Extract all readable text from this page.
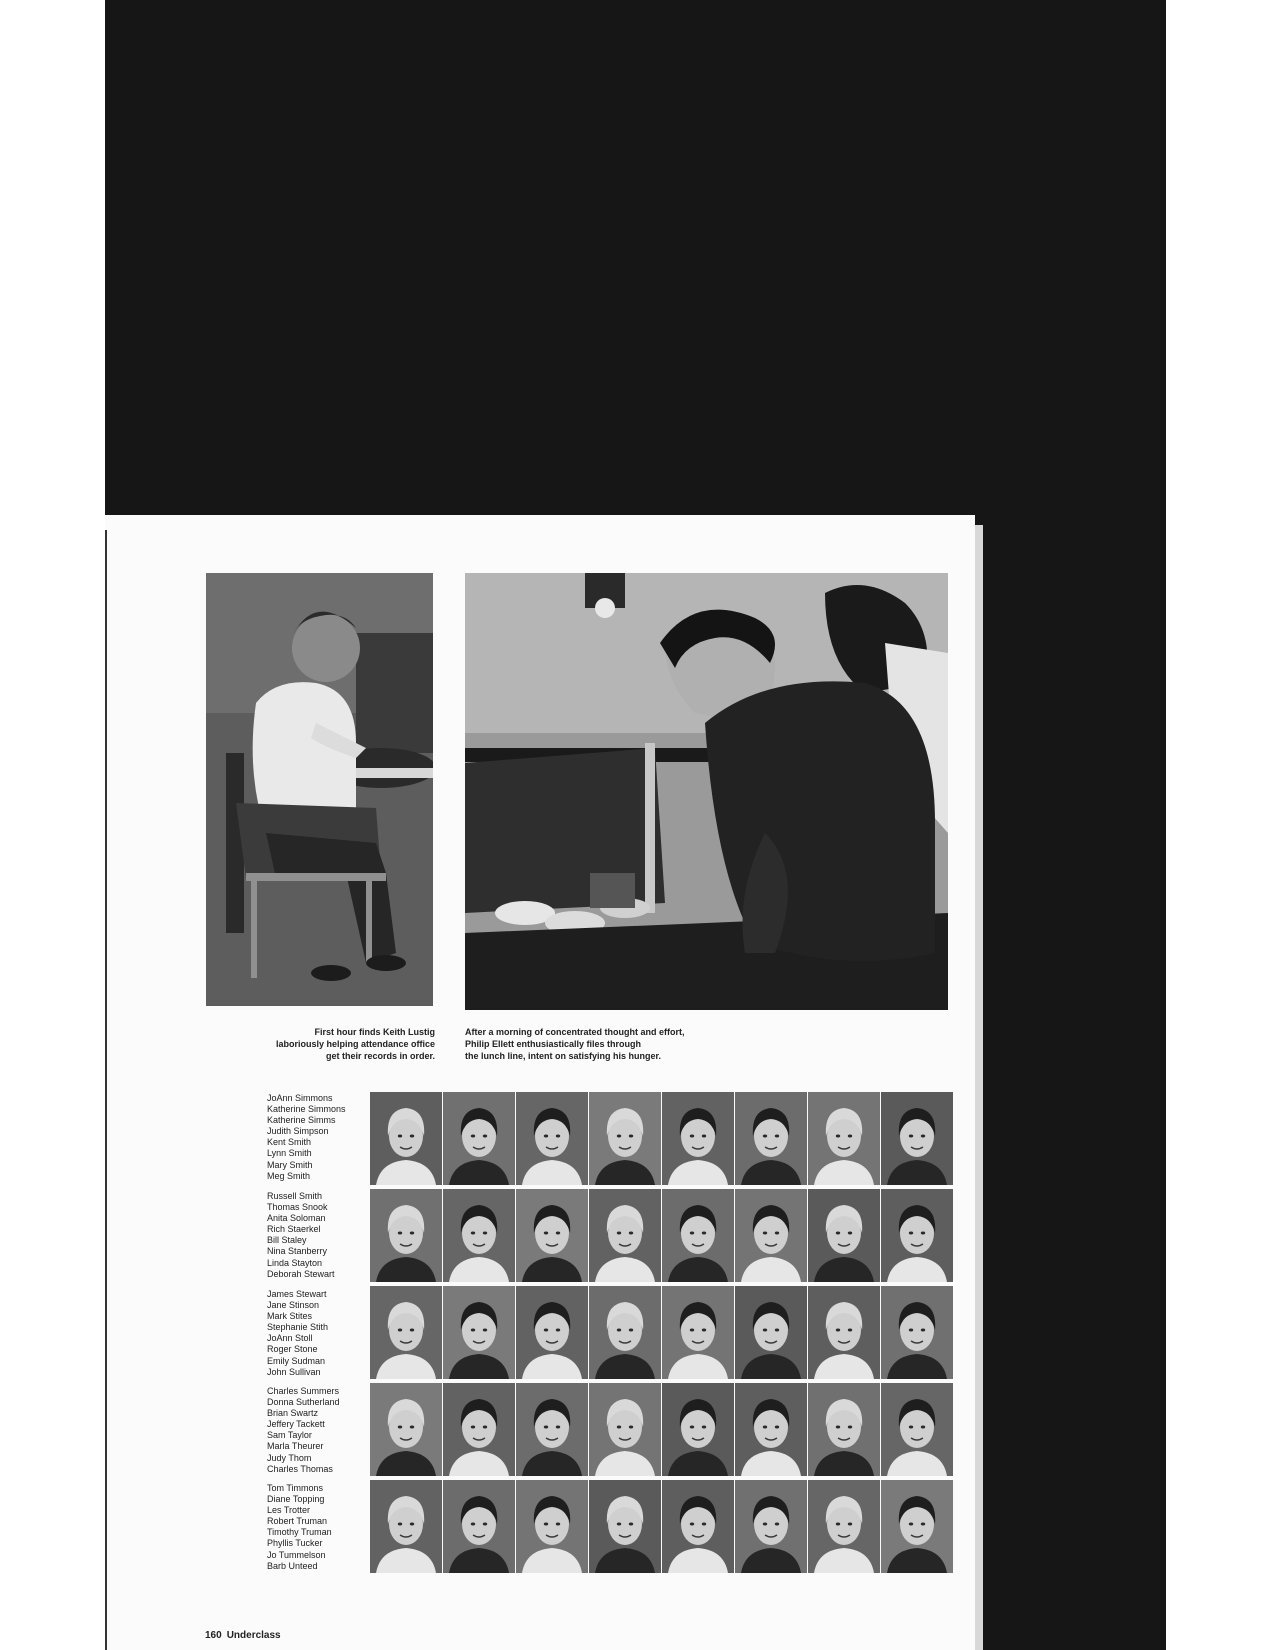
First hour finds Keith Lustig
laboriously helping attendance office
get their records in order.
After a morning of concentrated thought and effort,
Philip Ellett enthusiastically files through
the lunch line, intent on satisfying his hunger.
JoAnn Simmons
Katherine Simmons
Katherine Simms
Judith Simpson
Kent Smith
Lynn Smith
Mary Smith
Meg Smith
Russell Smith
Thomas Snook
Anita Soloman
Rich Staerkel
Bill Staley
Nina Stanberry
Linda Stayton
Deborah Stewart
James Stewart
Jane Stinson
Mark Stites
Stephanie Stith
JoAnn Stoll
Roger Stone
Emily Sudman
John Sullivan
Charles Summers
Donna Sutherland
Brian Swartz
Jeffery Tackett
Sam Taylor
Marla Theurer
Judy Thom
Charles Thomas
Tom Timmons
Diane Topping
Les Trotter
Robert Truman
Timothy Truman
Phyllis Tucker
Jo Tummelson
Barb Unteed
160 Underclass
